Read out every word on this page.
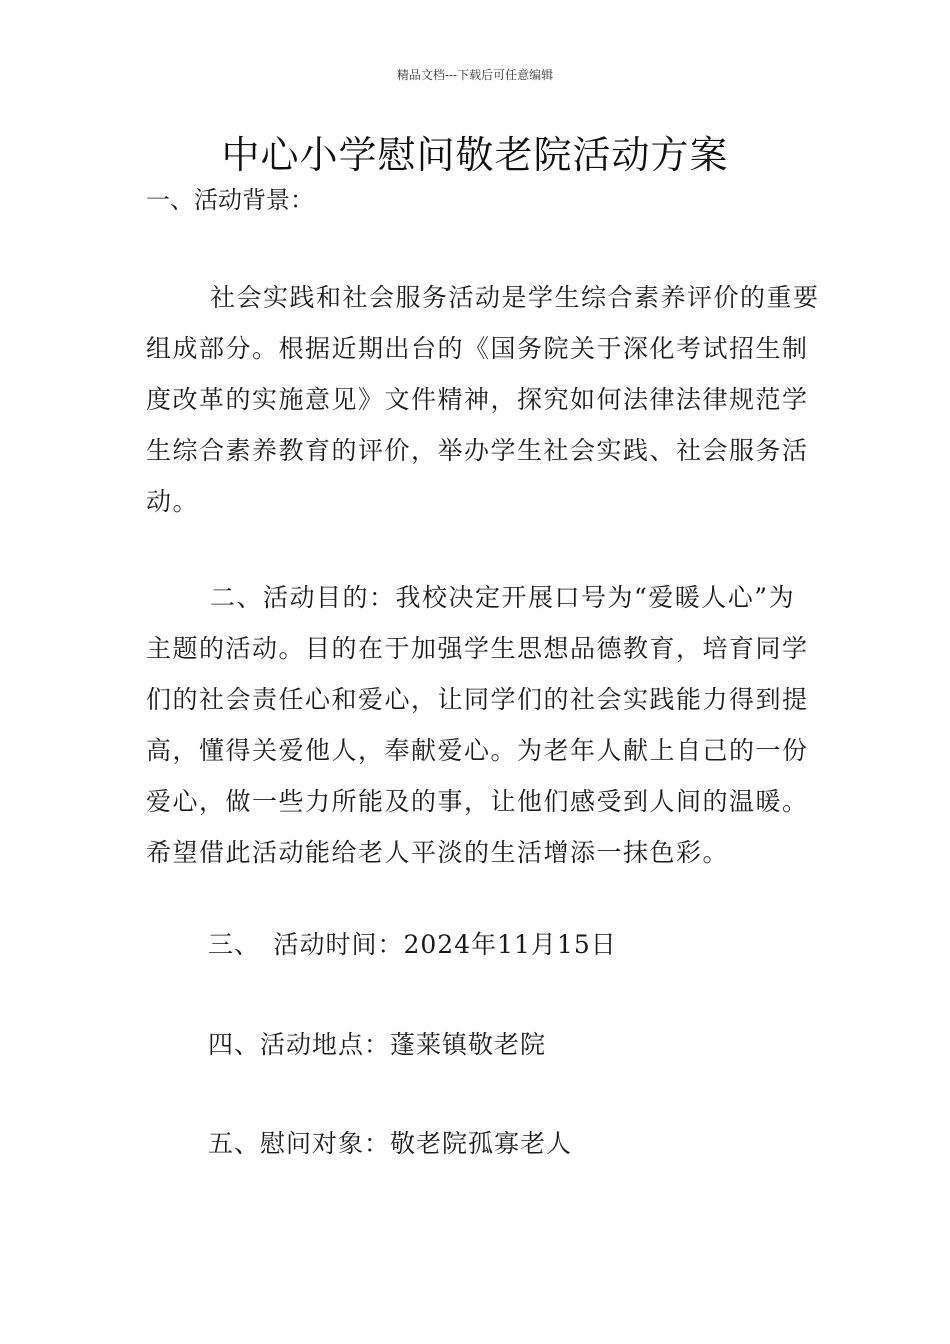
精品文档---下载后可任意编辑
中心小学慰问敬老院活动方案
一、活动背景：
社会实践和社会服务活动是学生综合素养评价的重要
组成部分。根据近期出台的《国务院关于深化考试招生制
度改革的实施意见》文件精神，探究如何法律法律规范学
生综合素养教育的评价，举办学生社会实践、社会服务活
动。
二、活动目的：我校决定开展口号为“爱暖人心”为
主题的活动。目的在于加强学生思想品德教育，培育同学
们的社会责任心和爱心，让同学们的社会实践能力得到提
高，懂得关爱他人，奉献爱心。为老年人献上自己的一份
爱心，做一些力所能及的事，让他们感受到人间的温暖。
希望借此活动能给老人平淡的生活增添一抹色彩。
三、　活动时间：2024年11月15日
四、活动地点：蓬莱镇敬老院
五、慰问对象：敬老院孤寡老人
